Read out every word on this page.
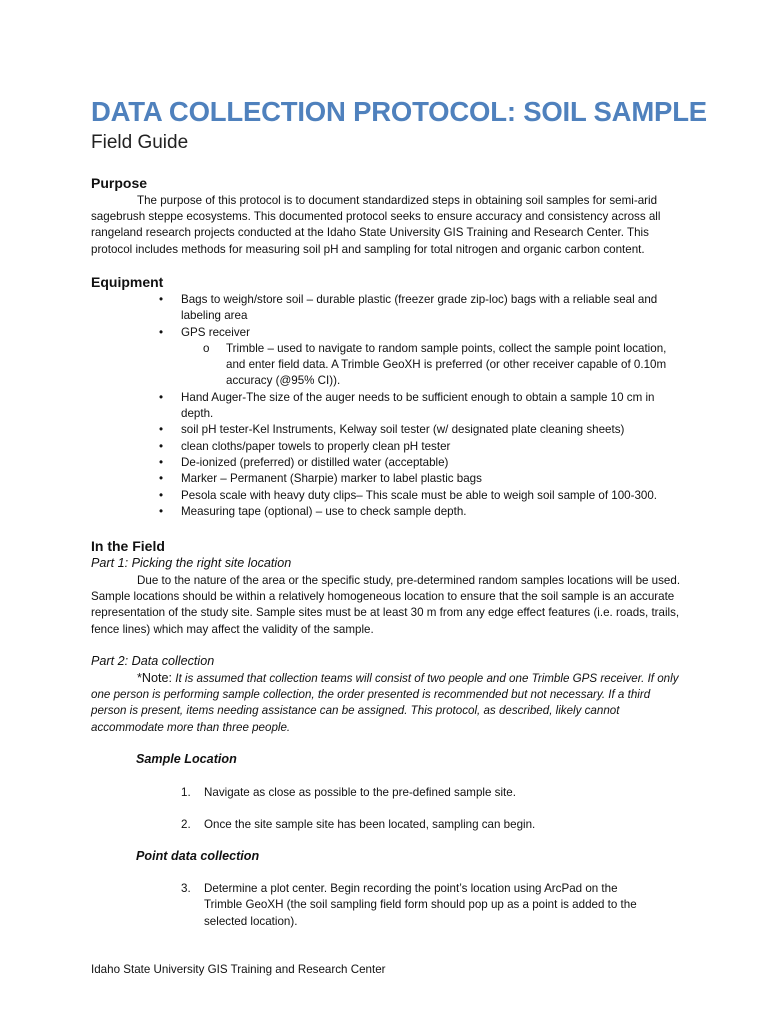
DATA COLLECTION PROTOCOL: SOIL SAMPLE
Field Guide
Purpose

The purpose of this protocol is to document standardized steps in obtaining soil samples for semi-arid sagebrush steppe ecosystems. This documented protocol seeks to ensure accuracy and consistency across all rangeland research projects conducted at the Idaho State University GIS Training and Research Center. This protocol includes methods for measuring soil pH and sampling for total nitrogen and organic carbon content.

Equipment
• Bags to weigh/store soil – durable plastic (freezer grade zip-loc) bags with a reliable seal and labeling area
• GPS receiver
o Trimble – used to navigate to random sample points, collect the sample point location, and enter field data. A Trimble GeoXH is preferred (or other receiver capable of 0.10m accuracy (@95% CI)).
• Hand Auger-The size of the auger needs to be sufficient enough to obtain a sample 10 cm in depth.
• soil pH tester-Kel Instruments, Kelway soil tester (w/ designated plate cleaning sheets)
• clean cloths/paper towels to properly clean pH tester
• De-ionized (preferred) or distilled water (acceptable)
• Marker – Permanent (Sharpie) marker to label plastic bags
• Pesola scale with heavy duty clips– This scale must be able to weigh soil sample of 100-300.
• Measuring tape (optional) – use to check sample depth.
In the Field
Part 1: Picking the right site location

Due to the nature of the area or the specific study, pre-determined random samples locations will be used. Sample locations should be within a relatively homogeneous location to ensure that the soil sample is an accurate representation of the study site. Sample sites must be at least 30 m from any edge effect features (i.e. roads, trails, fence lines) which may affect the validity of the sample.

Part 2: Data collection

*Note: It is assumed that collection teams will consist of two people and one Trimble GPS receiver. If only one person is performing sample collection, the order presented is recommended but not necessary. If a third person is present, items needing assistance can be assigned. This protocol, as described, likely cannot accommodate more than three people.

Sample Location
1.	Navigate as close as possible to the pre-defined sample site.
2.	Once the site sample site has been located, sampling can begin.
Point data collection
3.	Determine a plot center. Begin recording the point’s location using ArcPad on the Trimble GeoXH (the soil sampling field form should pop up as a point is added to the selected location).
Idaho State University GIS Training and Research Center
